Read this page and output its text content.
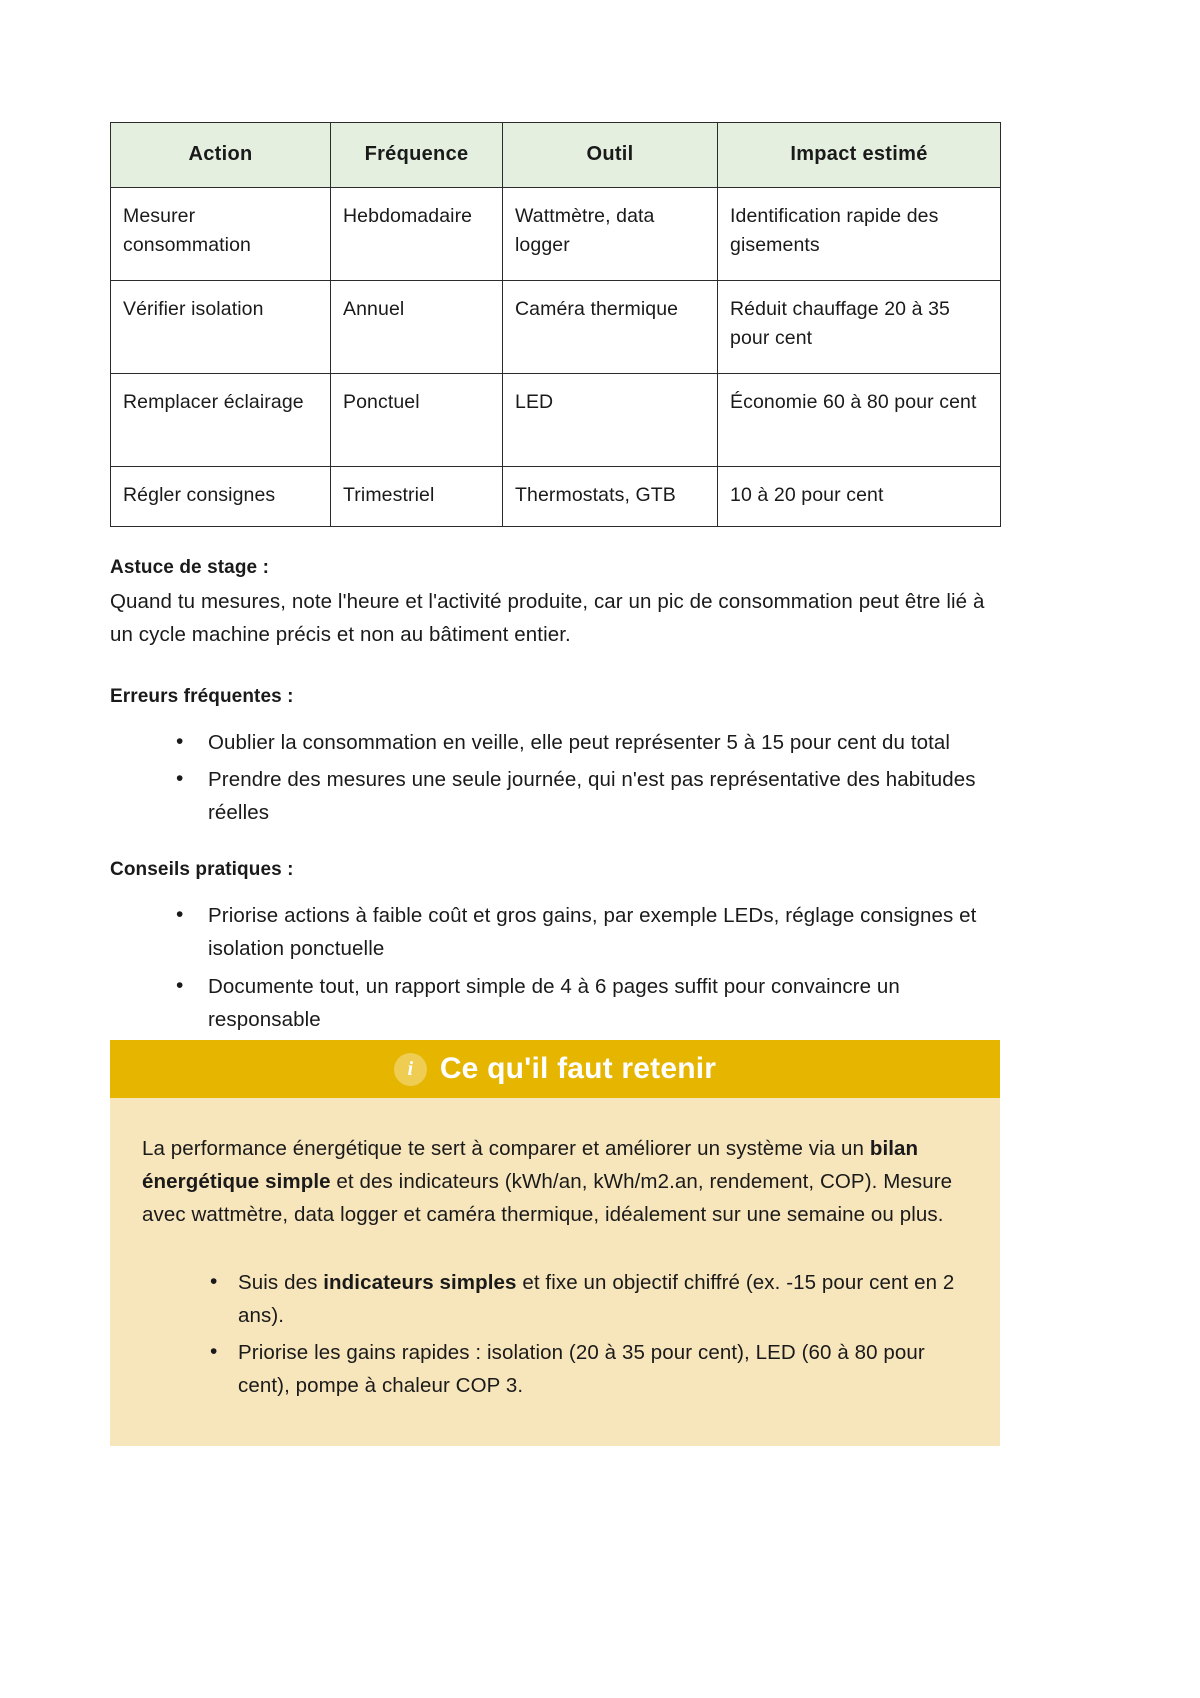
Action	Fréquence	Outil	Impact estimé
Mesurer consommation	Hebdomadaire	Wattmètre, data logger	Identification rapide des gisements
Vérifier isolation	Annuel	Caméra thermique	Réduit chauffage 20 à 35 pour cent
Remplacer éclairage	Ponctuel	LED	Économie 60 à 80 pour cent
Régler consignes	Trimestriel	Thermostats, GTB	10 à 20 pour cent

Astuce de stage :

Quand tu mesures, note l'heure et l'activité produite, car un pic de consommation peut être lié à un cycle machine précis et non au bâtiment entier.

Erreurs fréquentes :

• Oublier la consommation en veille, elle peut représenter 5 à 15 pour cent du total
• Prendre des mesures une seule journée, qui n'est pas représentative des habitudes réelles

Conseils pratiques :

• Priorise actions à faible coût et gros gains, par exemple LEDs, réglage consignes et isolation ponctuelle
• Documente tout, un rapport simple de 4 à 6 pages suffit pour convaincre un responsable
i Ce qu'il faut retenir

La performance énergétique te sert à comparer et améliorer un système via un bilan énergétique simple et des indicateurs (kWh/an, kWh/m2.an, rendement, COP). Mesure avec wattmètre, data logger et caméra thermique, idéalement sur une semaine ou plus.

• Suis des indicateurs simples et fixe un objectif chiffré (ex. -15 pour cent en 2 ans).
• Priorise les gains rapides : isolation (20 à 35 pour cent), LED (60 à 80 pour cent), pompe à chaleur COP 3.
